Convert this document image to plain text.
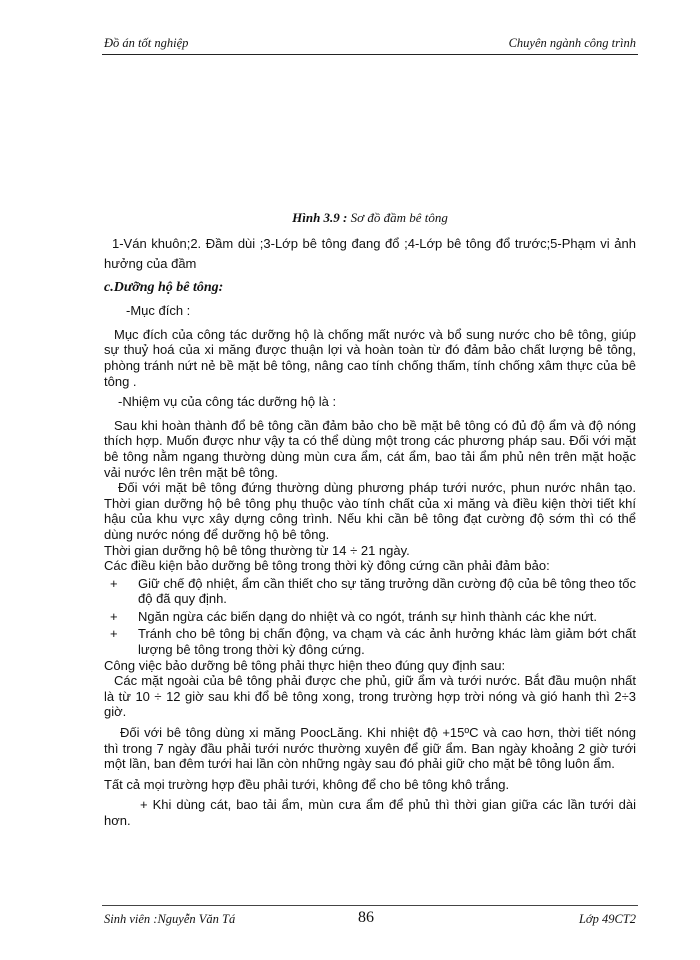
Đồ án tốt nghiệp	Chuyên ngành công trình
Hình 3.9 : Sơ đồ đầm bê tông

1-Ván khuôn;2. Đầm dùi ;3-Lớp bê tông đang đổ ;4-Lớp bê tông đổ trước;5-Phạm vi ảnh hưởng của đầm

c.Dưỡng hộ bê tông:

-Mục đích :

Mục đích của công tác dưỡng hộ là chống mất nước và bổ sung nước cho bê tông, giúp sự thuỷ hoá của xi măng được thuận lợi và hoàn toàn từ đó đảm bảo chất lượng bê tông, phòng tránh nứt nẻ bề mặt bê tông, nâng cao tính chống thấm, tính chống xâm thực của bê tông .

-Nhiệm vụ của công tác dưỡng hộ là :

Sau khi hoàn thành đổ bê tông cần đảm bảo cho bề mặt bê tông có đủ độ ẩm và độ nóng thích hợp. Muốn được như vậy ta có thể dùng một trong các phương pháp sau. Đối với mặt bê tông nằm ngang thường dùng mùn cưa ẩm, cát ẩm, bao tải ẩm phủ nên trên mặt hoặc vải nước lên trên mặt bê tông.

Đối với mặt bê tông đứng thường dùng phương pháp tưới nước, phun nước nhân tạo. Thời gian dưỡng hộ bê tông phụ thuộc vào tính chất của xi măng và điều kiện thời tiết khí hậu của khu vực xây dựng công trình. Nếu khi cần bê tông đạt cường độ sớm thì có thể dùng nước nóng để dưỡng hộ bê tông.

Thời gian dưỡng hộ bê tông thường từ 14 ÷ 21 ngày.

Các điều kiện bảo dưỡng bê tông trong thời kỳ đông cứng cần phải đảm bảo:

+ Giữ chế độ nhiệt, ẩm cần thiết cho sự tăng trưởng dần cường độ của bê tông theo tốc độ đã quy định.
+ Ngăn ngừa các biến dạng do nhiệt và co ngót, tránh sự hình thành các khe nứt.
+ Tránh cho bê tông bị chấn động, va chạm và các ảnh hưởng khác làm giảm bớt chất lượng bê tông trong thời kỳ đông cứng.

Công việc bảo dưỡng bê tông phải thực hiện theo đúng quy định sau:

Các mặt ngoài của bê tông phải được che phủ, giữ ẩm và tưới nước. Bắt đầu muộn nhất là từ 10 ÷ 12 giờ sau khi đổ bê tông xong, trong trường hợp trời nóng và gió hanh thì 2÷3 giờ.

Đối với bê tông dùng xi măng PoocLăng. Khi nhiệt độ +15ºC và cao hơn, thời tiết nóng thì trong 7 ngày đầu phải tưới nước thường xuyên để giữ ẩm. Ban ngày khoảng 2 giờ tưới một lần, ban đêm tưới hai lần còn những ngày sau đó phải giữ cho mặt bê tông luôn ẩm.

Tất cả mọi trường hợp đều phải tưới, không để cho bê tông khô trắng.

+ Khi dùng cát, bao tải ẩm, mùn cưa ẩm để phủ thì thời gian giữa các lần tưới dài hơn.

Sinh viên :Nguyễn Văn Tá	86	Lớp 49CT2
